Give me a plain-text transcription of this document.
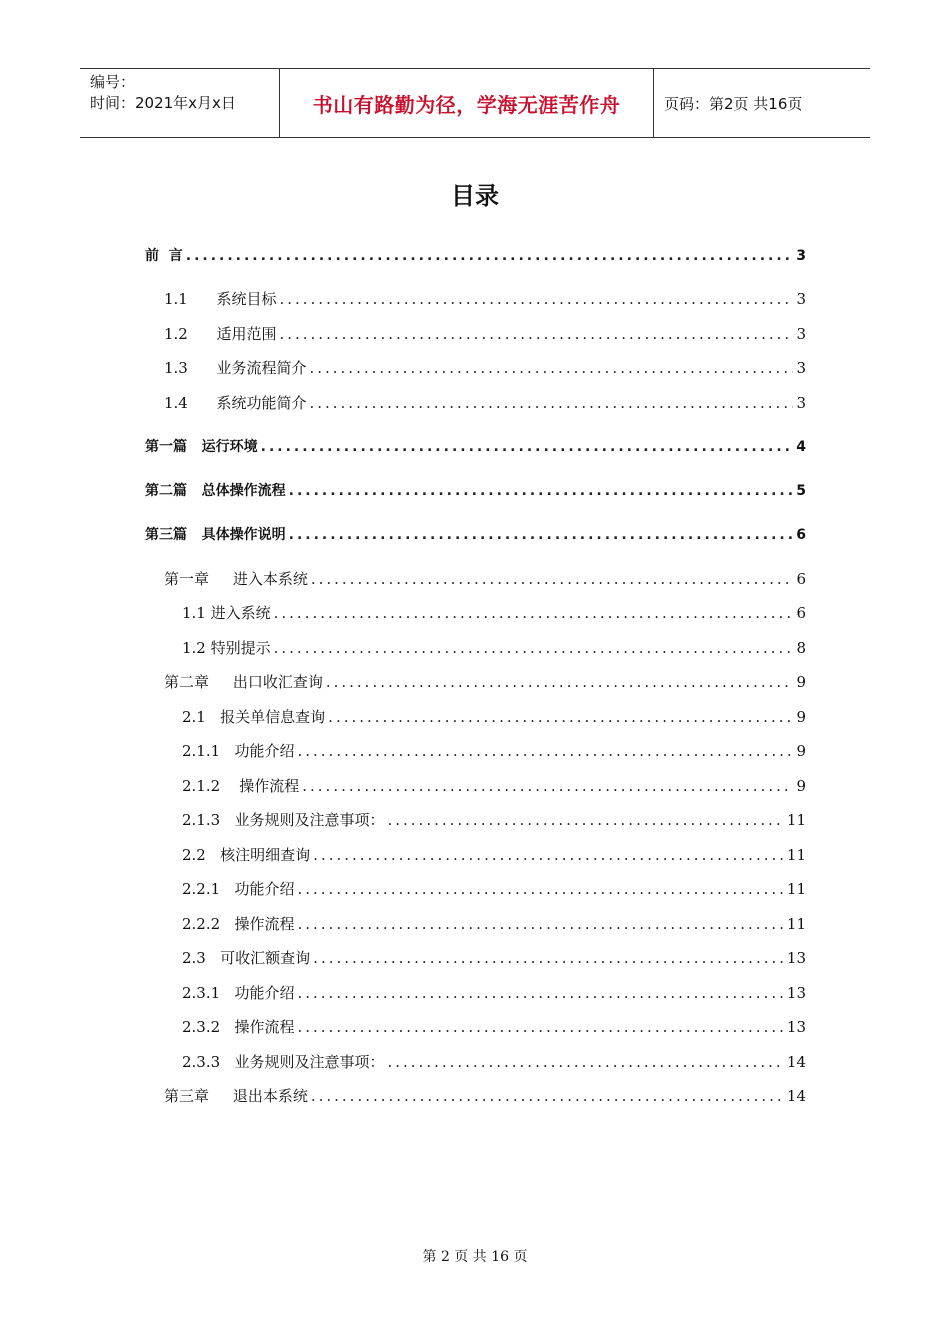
编号：
时间：2021年x月x日	书山有路勤为径，学海无涯苦作舟	页码：第2页 共16页
目录
前  言 .....	3
1.1      系统目标 .....	3
1.2      适用范围 .....	3
1.3      业务流程简介 .....	3
1.4      系统功能简介 .....	3
第一篇   运行环境 .....	4
第二篇   总体操作流程 .....	5
第三篇   具体操作说明 .....	6
第一章     进入本系统 .....	6
1.1 进入系统 .....	6
1.2 特别提示 .....	8
第二章     出口收汇查询 .....	9
2.1   报关单信息查询 .....	9
2.1.1   功能介绍 .....	9
2.1.2    操作流程 .....	9
2.1.3   业务规则及注意事项： .....	11
2.2   核注明细查询 .....	11
2.2.1   功能介绍 .....	11
2.2.2   操作流程 .....	11
2.3   可收汇额查询 .....	13
2.3.1   功能介绍 .....	13
2.3.2   操作流程 .....	13
2.3.3   业务规则及注意事项： .....	14
第三章     退出本系统 .....	14
第 2 页 共 16 页
